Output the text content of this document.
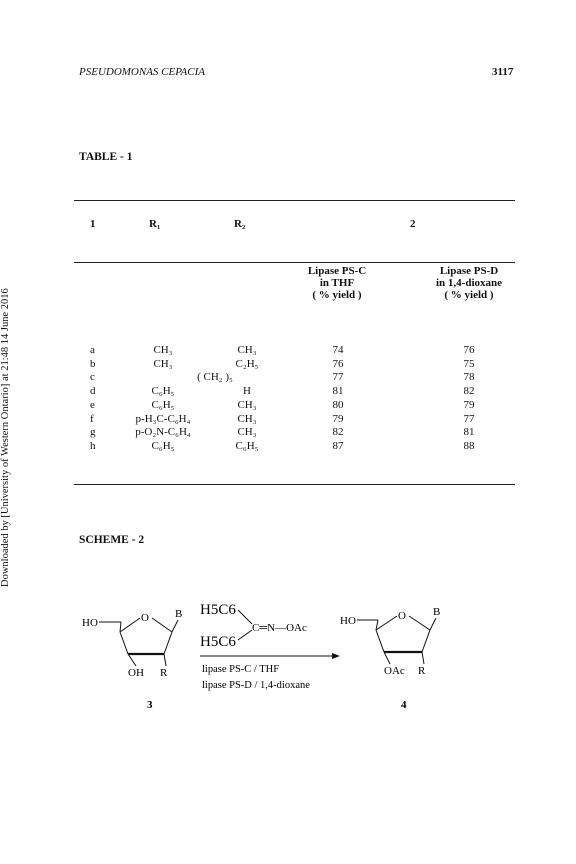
PSEUDOMONAS CEPACIA	3117
Downloaded by [University of Western Ontario] at 21:48 14 June 2016
TABLE - 1
1	R₁	R₂	2
Lipase PS-C
in THF
( % yield )
Lipase PS-D
in 1,4-dioxane
( % yield )
a	CH₃	CH₃	74	76
b	CH₃	C₂H₅	76	75
c	( CH₂ )₅	77	78
d	C₆H₅	H	81	82
e	C₆H₅	CH₃	80	79
f	p-H₃C-C₆H₄	CH₃	79	77
g	p-O₂N-C₆H₄	CH₃	82	81
h	C₆H₅	C₆H₅	87	88
SCHEME - 2
HO	O B
OH R
3
H5C6
H5C6
C═N—OAc
lipase PS-C / THF
lipase PS-D / 1,4-dioxane
HO	O B
OAc R
4
